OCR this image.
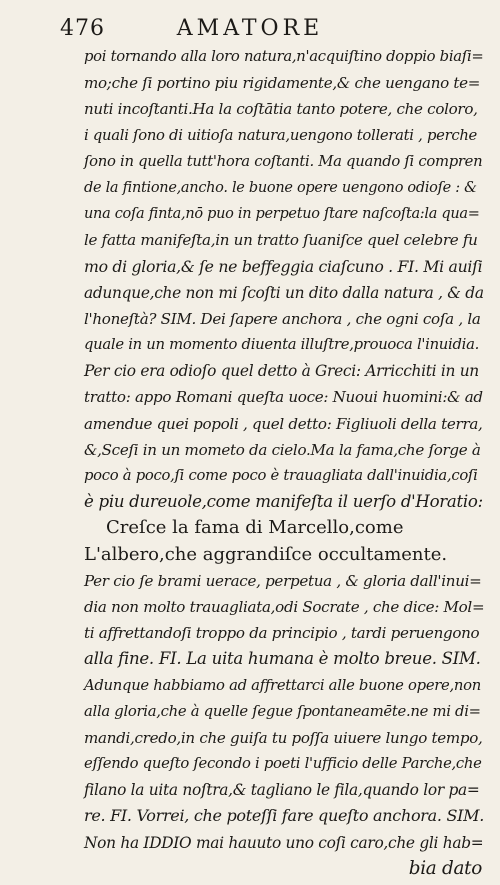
476	AMATORE
poi tornando alla loro natura,n'acquiſtino doppio biaſi=
mo;che ſi portino piu rigidamente,& che uengano te=
nuti incoſtanti.Ha la coſtātia tanto potere, che coloro,
i quali ſono di uitioſa natura,uengono tollerati , perche
ſono in quella tutt'hora coſtanti. Ma quando ſi compren
de la fintione,ancho. le buone opere uengono odioſe : &
una coſa finta,nō puo in perpetuo ſtare naſcoſta:la qua=
le fatta manifeſta,in un tratto ſuaniſce quel celebre fu
mo di gloria,& ſe ne beffeggia ciaſcuno . FI. Mi auiſi
adunque,che non mi ſcoſti un dito dalla natura , & da
l'honeſtà? SIM. Dei ſapere anchora , che ogni coſa , la
quale in un momento diuenta illuſtre,prouoca l'inuidia.
Per cio era odioſo quel detto à Greci: Arricchiti in un
tratto: appo Romani queſta uoce: Nuoui huomini:& ad
amendue quei popoli , quel detto: Figliuoli della terra,
&,Sceſi in un mometo da cielo.Ma la fama,che ſorge à
poco à poco,ſi come poco è trauagliata dall'inuidia,coſi
è piu dureuole,come manifeſta il uerſo d'Horatio:
Creſce la fama di Marcello,come
L'albero,che aggrandiſce occultamente.
Per cio ſe brami uerace, perpetua , & gloria dall'inui=
dia non molto trauagliata,odi Socrate , che dice: Mol=
ti affrettandoſi troppo da principio , tardi peruengono
alla fine. FI. La uita humana è molto breue. SIM.
Adunque habbiamo ad affrettarci alle buone opere,non
alla gloria,che à quelle ſegue ſpontaneamēte.ne mi di=
mandi,credo,in che guiſa tu poſſa uiuere lungo tempo,
eſſendo queſto ſecondo i poeti l'ufficio delle Parche,che
filano la uita noſtra,& tagliano le fila,quando lor pa=
re. FI. Vorrei, che poteſſi fare queſto anchora. SIM.
Non ha IDDIO mai hauuto uno coſi caro,che gli hab=
bia dato
